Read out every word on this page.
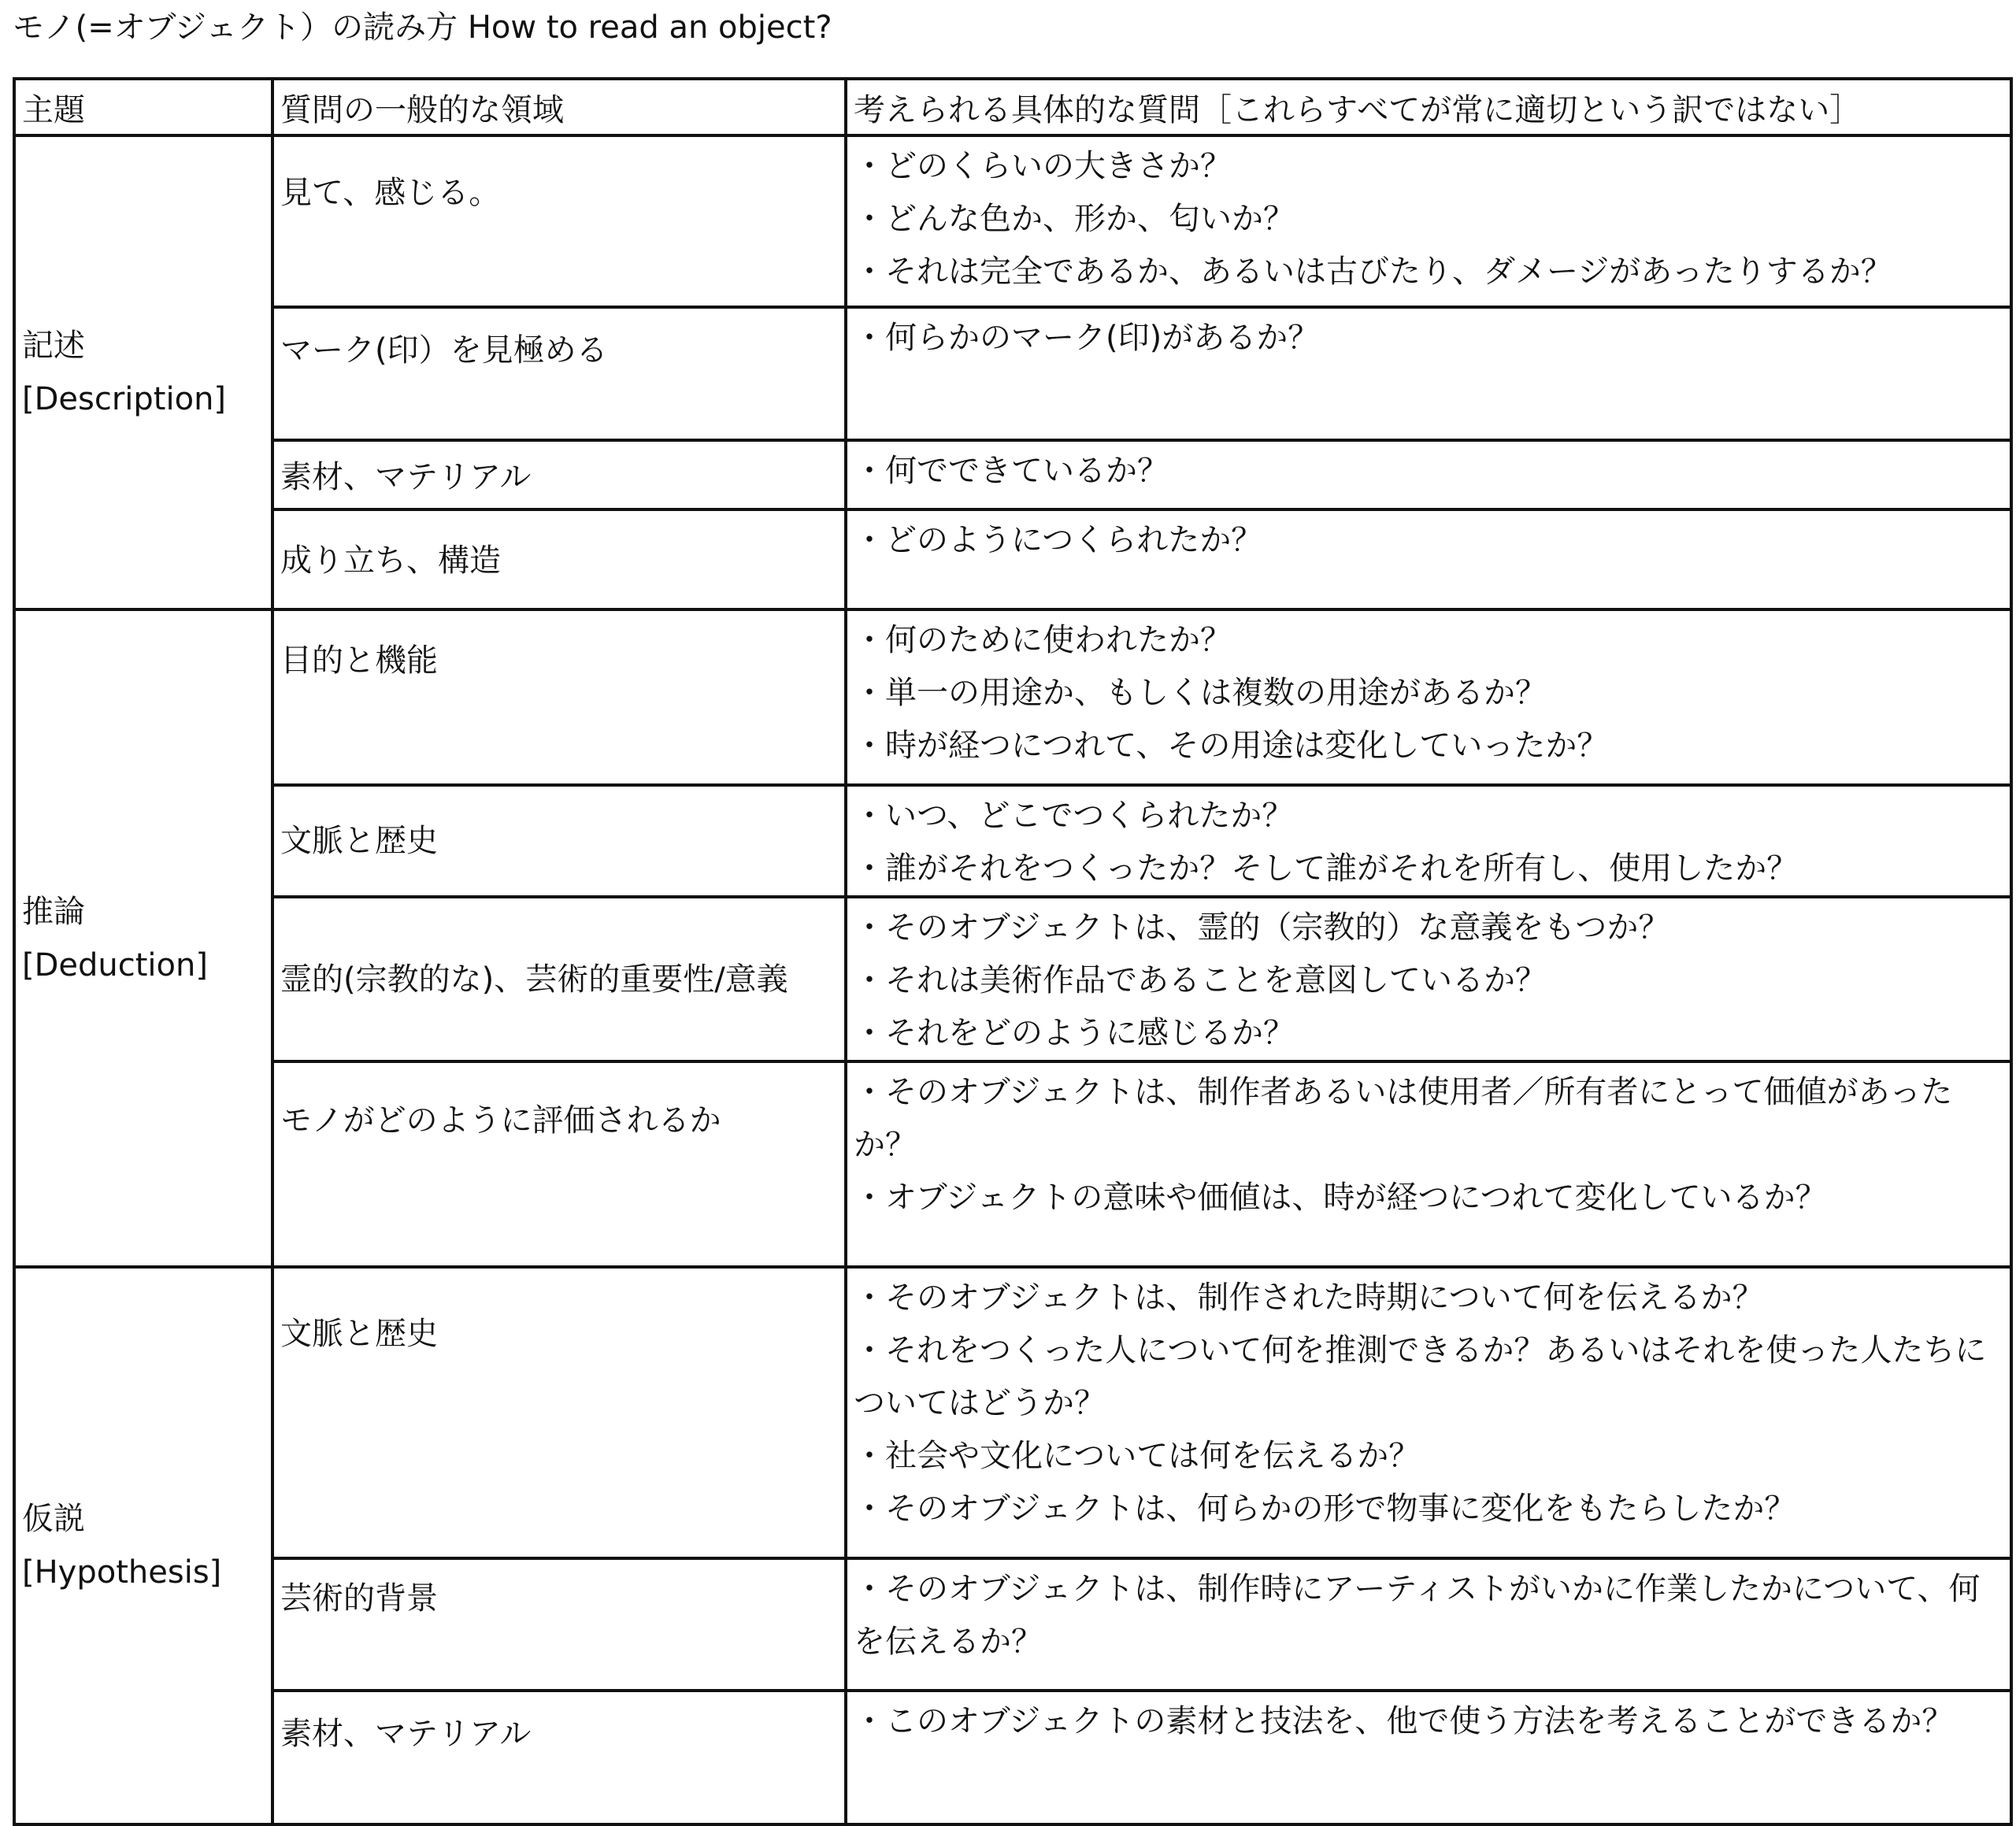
モノ(=オブジェクト）の読み方 How to read an object?
主題	質問の一般的な領域	考えられる具体的な質問［これらすべてが常に適切という訳ではない］

記述
[Description]	見て、感じる。	・どのくらいの大きさか？
・どんな色か、形か、匂いか？
・それは完全であるか、あるいは古びたり、ダメージがあったりするか？

	マーク(印）を見極める	・何らかのマーク(印)があるか？

	素材、マテリアル	・何でできているか？

	成り立ち、構造	・どのようにつくられたか？

推論
[Deduction]	目的と機能	・何のために使われたか？
・単一の用途か、もしくは複数の用途があるか？
・時が経つにつれて、その用途は変化していったか？

	文脈と歴史	・いつ、どこでつくられたか？
・誰がそれをつくったか？そして誰がそれを所有し、使用したか？

	霊的(宗教的な)、芸術的重要性/意義	・そのオブジェクトは、霊的（宗教的）な意義をもつか？
・それは美術作品であることを意図しているか？
・それをどのように感じるか？

	モノがどのように評価されるか	・そのオブジェクトは、制作者あるいは使用者／所有者にとって価値があったか？
・オブジェクトの意味や価値は、時が経つにつれて変化しているか？

仮説
[Hypothesis]	文脈と歴史	・そのオブジェクトは、制作された時期について何を伝えるか？
・それをつくった人について何を推測できるか？あるいはそれを使った人たちについてはどうか？
・社会や文化については何を伝えるか？
・そのオブジェクトは、何らかの形で物事に変化をもたらしたか？

	芸術的背景	・そのオブジェクトは、制作時にアーティストがいかに作業したかについて、何を伝えるか？

	素材、マテリアル	・このオブジェクトの素材と技法を、他で使う方法を考えることができるか？
